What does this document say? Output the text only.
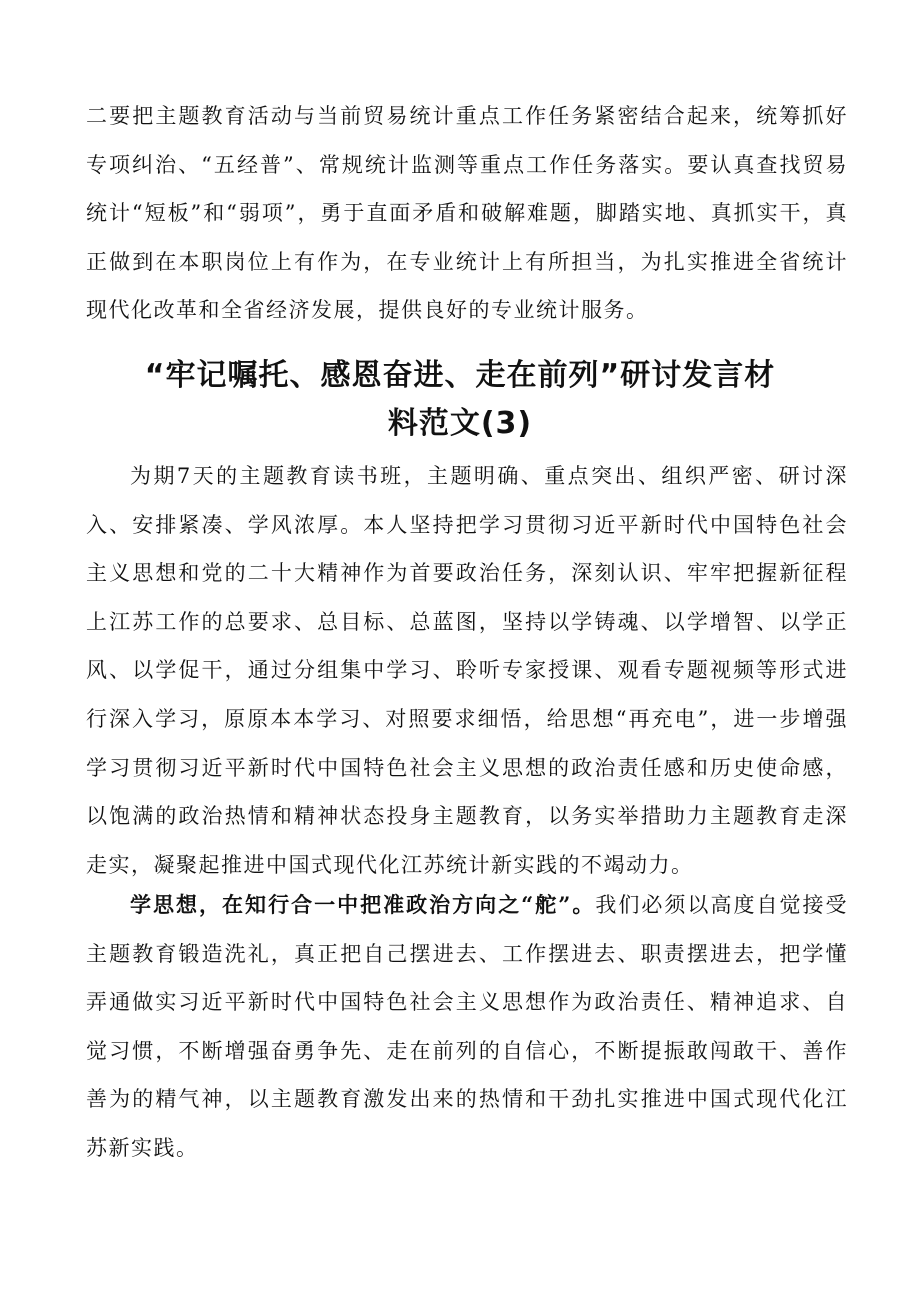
二要把主题教育活动与当前贸易统计重点工作任务紧密结合起来，统筹抓好专项纠治、“五经普”、常规统计监测等重点工作任务落实。要认真查找贸易统计“短板”和“弱项”，勇于直面矛盾和破解难题，脚踏实地、真抓实干，真正做到在本职岗位上有作为，在专业统计上有所担当，为扎实推进全省统计现代化改革和全省经济发展，提供良好的专业统计服务。

“牢记嘱托、感恩奋进、走在前列”研讨发言材
料范文(3)

为期7天的主题教育读书班，主题明确、重点突出、组织严密、研讨深入、安排紧凑、学风浓厚。本人坚持把学习贯彻习近平新时代中国特色社会主义思想和党的二十大精神作为首要政治任务，深刻认识、牢牢把握新征程上江苏工作的总要求、总目标、总蓝图，坚持以学铸魂、以学增智、以学正风、以学促干，通过分组集中学习、聆听专家授课、观看专题视频等形式进行深入学习，原原本本学习、对照要求细悟，给思想“再充电”，进一步增强学习贯彻习近平新时代中国特色社会主义思想的政治责任感和历史使命感，以饱满的政治热情和精神状态投身主题教育，以务实举措助力主题教育走深走实，凝聚起推进中国式现代化江苏统计新实践的不竭动力。

学思想，在知行合一中把准政治方向之“舵”。我们必须以高度自觉接受主题教育锻造洗礼，真正把自己摆进去、工作摆进去、职责摆进去，把学懂弄通做实习近平新时代中国特色社会主义思想作为政治责任、精神追求、自觉习惯，不断增强奋勇争先、走在前列的自信心，不断提振敢闯敢干、善作善为的精气神，以主题教育激发出来的热情和干劲扎实推进中国式现代化江苏新实践。
